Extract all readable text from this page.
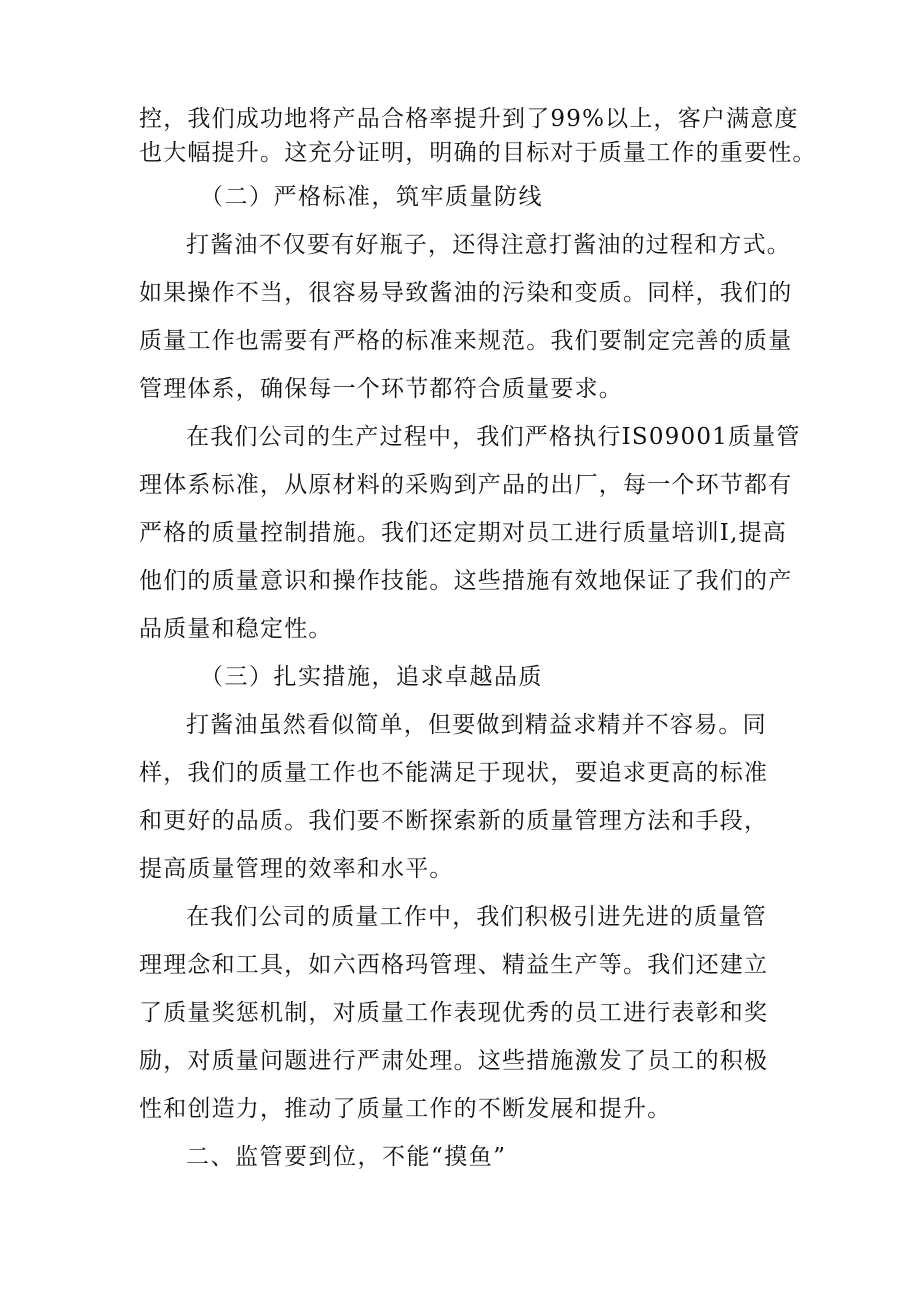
控，我们成功地将产品合格率提升到了99%以上，客户满意度

也大幅提升。这充分证明，明确的目标对于质量工作的重要性。

（二）严格标准，筑牢质量防线

打酱油不仅要有好瓶子，还得注意打酱油的过程和方式。

如果操作不当，很容易导致酱油的污染和变质。同样，我们的

质量工作也需要有严格的标准来规范。我们要制定完善的质量

管理体系，确保每一个环节都符合质量要求。

在我们公司的生产过程中，我们严格执行IS09001质量管

理体系标准，从原材料的采购到产品的出厂，每一个环节都有

严格的质量控制措施。我们还定期对员工进行质量培训I,提高

他们的质量意识和操作技能。这些措施有效地保证了我们的产

品质量和稳定性。

（三）扎实措施，追求卓越品质

打酱油虽然看似简单，但要做到精益求精并不容易。同

样，我们的质量工作也不能满足于现状，要追求更高的标准

和更好的品质。我们要不断探索新的质量管理方法和手段，

提高质量管理的效率和水平。

在我们公司的质量工作中，我们积极引进先进的质量管

理理念和工具，如六西格玛管理、精益生产等。我们还建立

了质量奖惩机制，对质量工作表现优秀的员工进行表彰和奖

励，对质量问题进行严肃处理。这些措施激发了员工的积极

性和创造力，推动了质量工作的不断发展和提升。

二、监管要到位，不能“摸鱼”
